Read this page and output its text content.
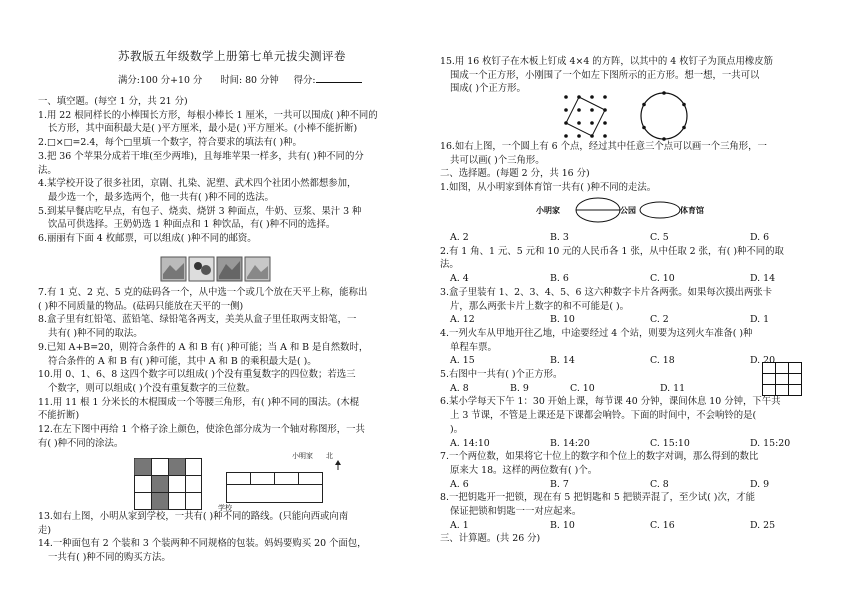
苏教版五年级数学上册第七单元拔尖测评卷
满分:100 分+10 分 时间: 80 分钟 得分:

一、填空题。(每空 1 分，共 21 分)

1.用 22 根同样长的小棒围长方形，每根小棒长 1 厘米，一共可以围成( )种不同的

长方形，其中面积最大是( )平方厘米，最小是( )平方厘米。(小棒不能折断)

2.□×□=2.4，每个□里填一个数字，符合要求的填法有( )种。

3.把 36 个苹果分成若干堆(至少两堆)，且每堆苹果一样多，共有( )种不同的分

法。

4.某学校开设了很多社团，京剧、扎染、泥塑、武术四个社团小然都想参加，

最少选一个，最多选两个，他一共有( )种不同的选法。

5.到某早餐店吃早点，有包子、烧卖、烧饼 3 种面点，牛奶、豆浆、果汁 3 种

饮品可供选择。王奶奶选 1 种面点和 1 种饮品，有( )种不同的选择。

6.丽丽有下面 4 枚邮票，可以组成( )种不同的邮资。

7.有 1 克、2 克、5 克的砝码各一个，从中选一个或几个放在天平上称，能称出

( )种不同质量的物品。(砝码只能放在天平的一侧)

8.盒子里有红铅笔、蓝铅笔、绿铅笔各两支，美美从盒子里任取两支铅笔，一

共有( )种不同的取法。

9.已知 A+B=20，则符合条件的 A 和 B 有( )种可能；当 A 和 B 是自然数时，

符合条件的 A 和 B 有( )种可能，其中 A 和 B 的乘积最大是( )。

10.用 0、1、6、8 这四个数字可以组成( )个没有重复数字的四位数；若选三

个数字，则可以组成( )个没有重复数字的三位数。

11.用 11 根 1 分米长的木棍围成一个等腰三角形，有( )种不同的围法。(木棍

不能折断)

12.在左下图中再给 1 个格子涂上颜色，使涂色部分成为一个轴对称图形，一共

有( )种不同的涂法。

小明家 北
学校

13.如右上图，小明从家到学校，一共有( )种不同的路线。(只能向西或向南

走)

14.一种面包有 2 个装和 3 个装两种不同规格的包装。妈妈要购买 20 个面包，

一共有( )种不同的购买方法。

15.用 16 枚钉子在木板上钉成 4×4 的方阵，以其中的 4 枚钉子为顶点用橡皮筋

围成一个正方形，小刚围了一个如左下图所示的正方形。想一想，一共可以

围成( )个正方形。

16.如右上图，一个圆上有 6 个点，经过其中任意三个点可以画一个三角形，一

共可以画( )个三角形。

二、选择题。(每题 2 分，共 16 分)

1.如图，从小明家到体育馆一共有( )种不同的走法。

小明家	公园	体育馆
A. 2	B. 3	C. 5	D. 6

2.有 1 角、1 元、5 元和 10 元的人民币各 1 张，从中任取 2 张，有( )种不同的取

法。

A. 4	B. 6	C. 10	D. 14

3.盒子里装有 1、2、3、4、5、6 这六种数字卡片各两张。如果每次摸出两张卡

片，那么两张卡片上数字的和不可能是( )。

A. 12	B. 10	C. 2	D. 1

4.一列火车从甲地开往乙地，中途要经过 4 个站，则要为这列火车准备( )种

单程车票。

A. 15	B. 14	C. 18	D. 20

5.右图中一共有( )个正方形。

A. 8	B. 9	C. 10	D. 11

6.某小学每天下午 1：30 开始上课，每节课 40 分钟，课间休息 10 分钟，下午共

上 3 节课，不管是上课还是下课都会响铃。下面的时间中，不会响铃的是(

)。

A. 14:10	B. 14:20	C. 15:10	D. 15:20

7.一个两位数，如果将它十位上的数字和个位上的数字对调，那么得到的数比

原来大 18。这样的两位数有( )个。

A. 6	B. 7	C. 8	D. 9

8.一把钥匙开一把锁，现在有 5 把钥匙和 5 把锁弄混了，至少试( )次，才能

保证把锁和钥匙一一对应起来。

A. 1	B. 10	C. 16	D. 25

三、计算题。(共 26 分)
